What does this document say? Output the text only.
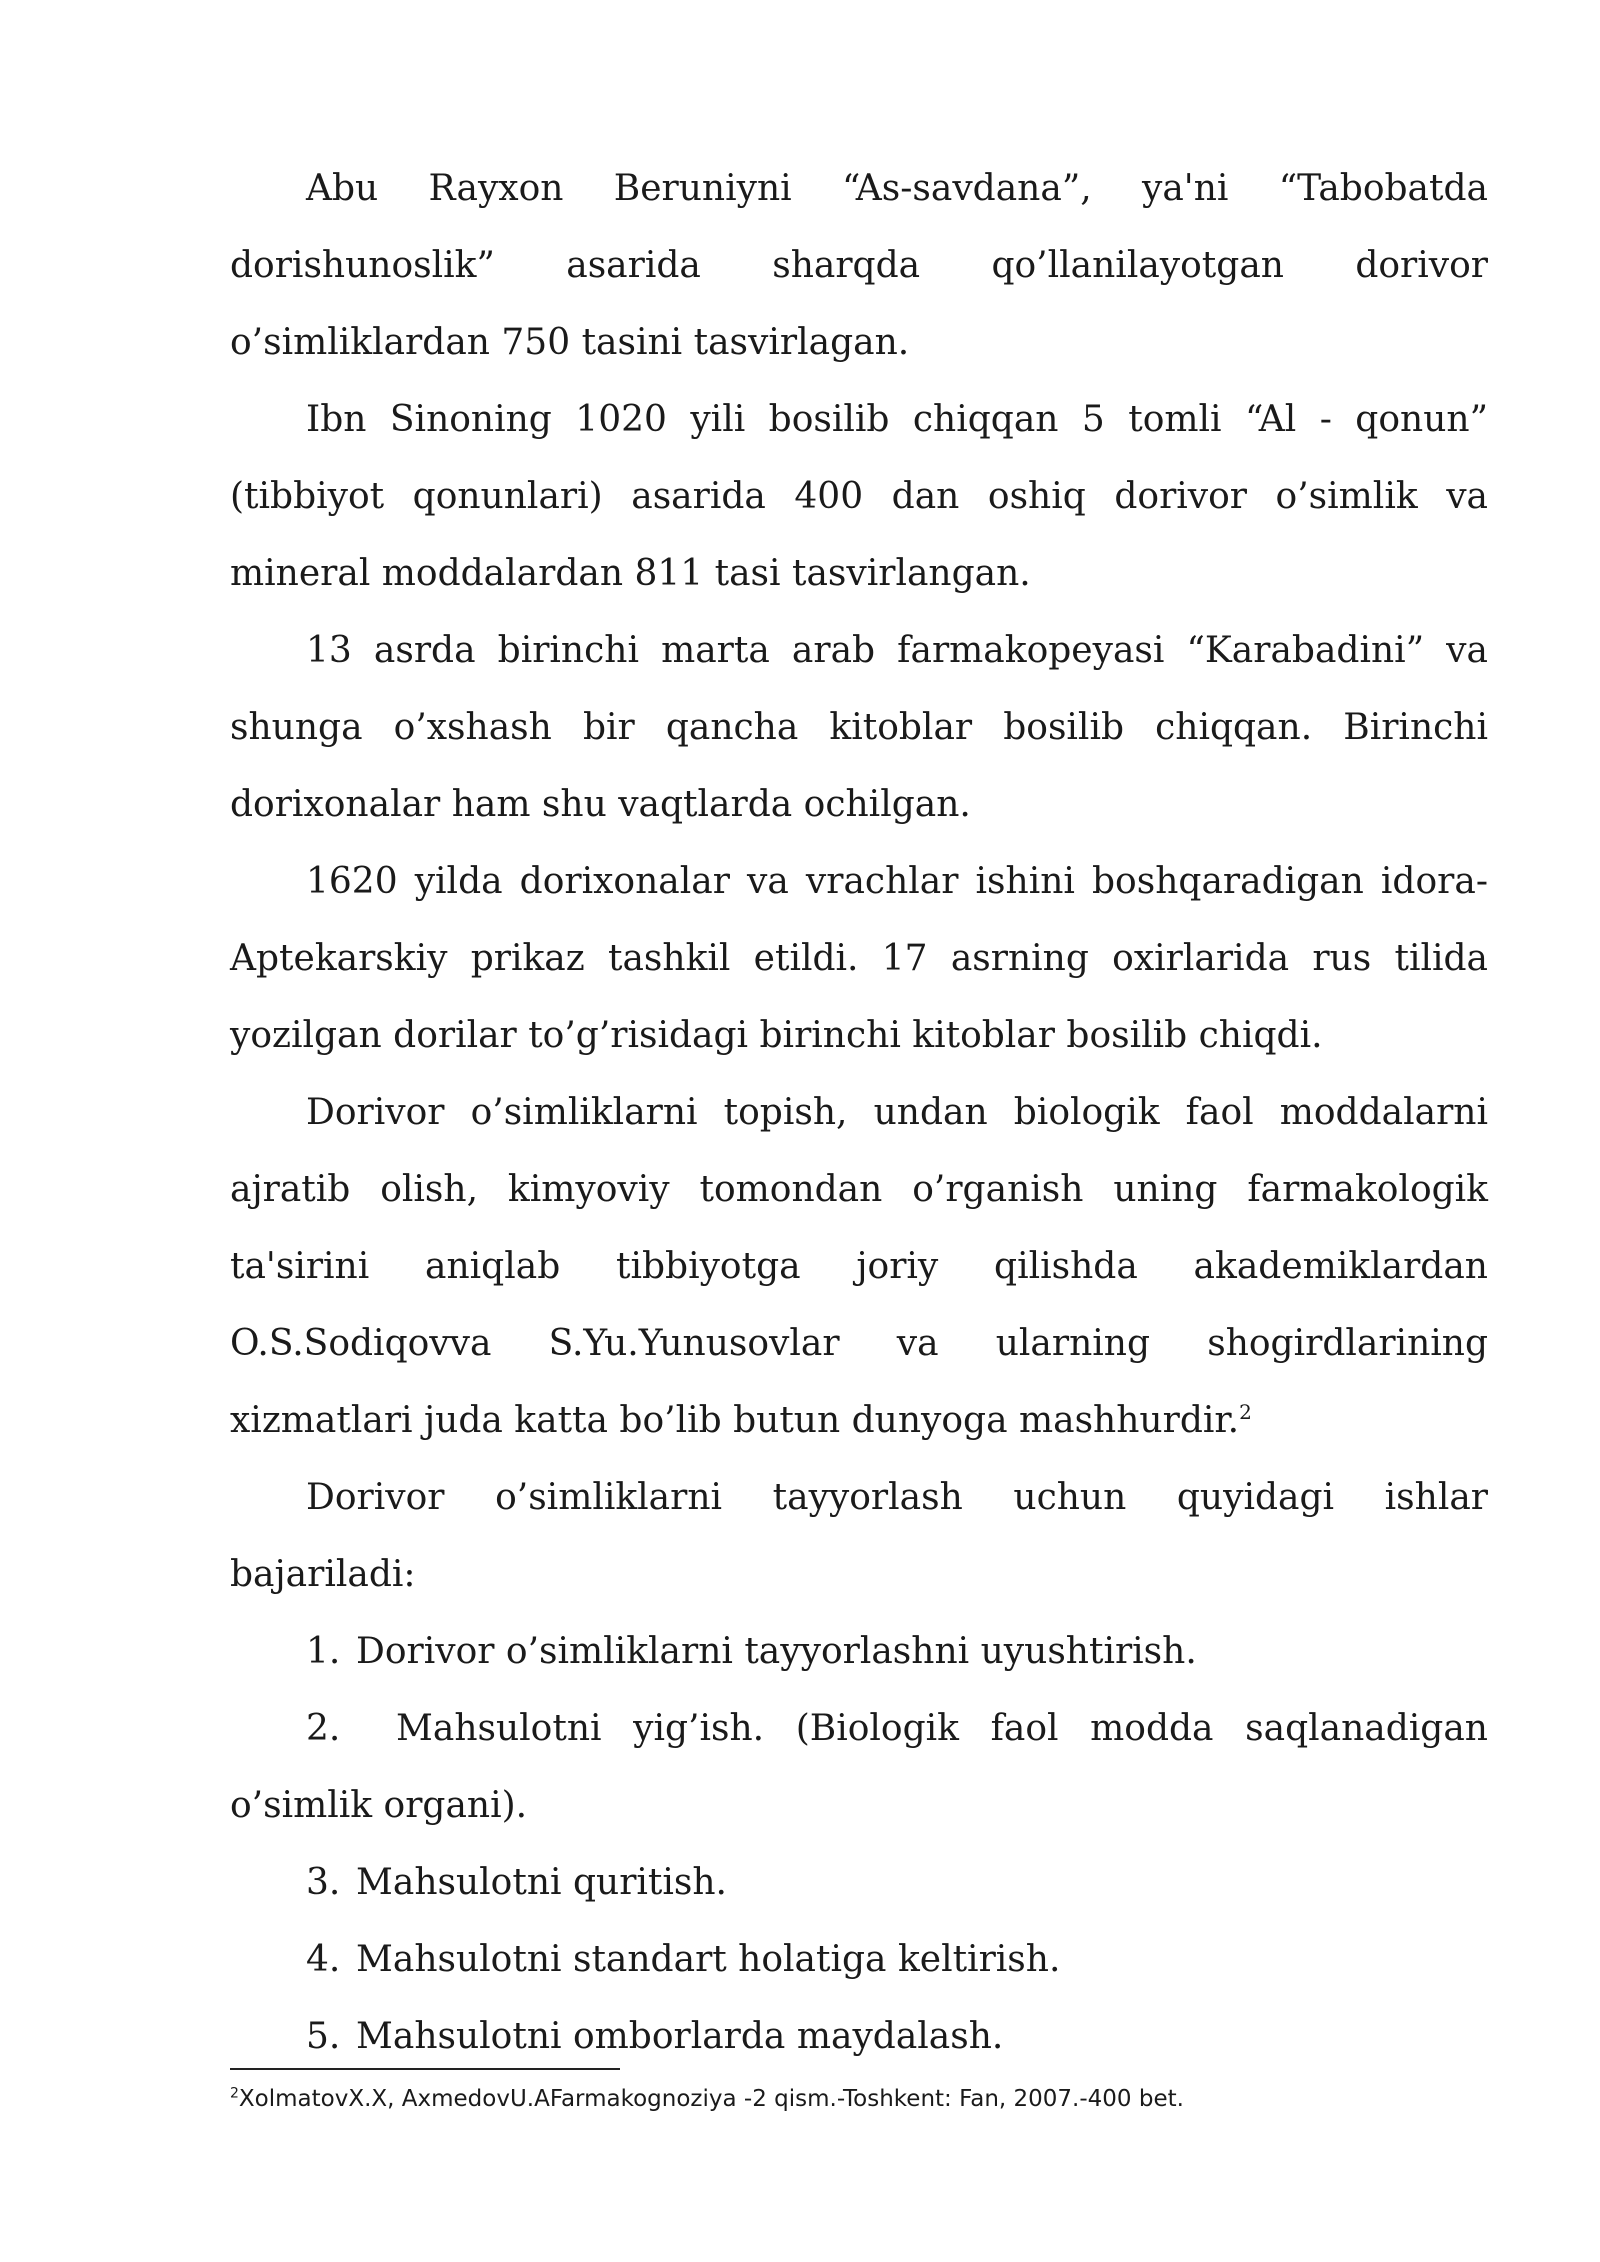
Abu Rayxon Beruniyni “As-savdana”, ya'ni “Tabobatda dorishunoslik” asarida sharqda qo’llanilayotgan dorivor o’simliklardan 750 tasini tasvirlagan.

Ibn Sinoning 1020 yili bosilib chiqqan 5 tomli “Al - qonun” (tibbiyot qonunlari) asarida 400 dan oshiq dorivor o’simlik va mineral moddalardan 811 tasi tasvirlangan.

13 asrda birinchi marta arab farmakopeyasi “Karabadini” va shunga o’xshash bir qancha kitoblar bosilib chiqqan. Birinchi dorixonalar ham shu vaqtlarda ochilgan.

1620 yilda dorixonalar va vrachlar ishini boshqaradigan idora-Aptekarskiy prikaz tashkil etildi. 17 asrning oxirlarida rus tilida yozilgan dorilar to’g’risidagi birinchi kitoblar bosilib chiqdi.

Dorivor o’simliklarni topish, undan biologik faol moddalarni ajratib olish, kimyoviy tomondan o’rganish uning farmakologik ta'sirini aniqlab tibbiyotga joriy qilishda akademiklardan O.S.Sodiqovva S.Yu.Yunusovlar va ularning shogirdlarining xizmatlari juda katta bo’lib butun dunyoga mashhurdir.$^2$

Dorivor o’simliklarni tayyorlash uchun quyidagi ishlar bajariladi:

1. Dorivor o’simliklarni tayyorlashni uyushtirish.

2. Mahsulotni yig’ish. (Biologik faol modda saqlanadigan o’simlik organi).

3. Mahsulotni quritish.

4. Mahsulotni standart holatiga keltirish.

5. Mahsulotni omborlarda maydalash.

$^2$XolmatovX.X, AxmedovU.AFarmakognoziya -2 qism.-Toshkent: Fan, 2007.-400 bet.
